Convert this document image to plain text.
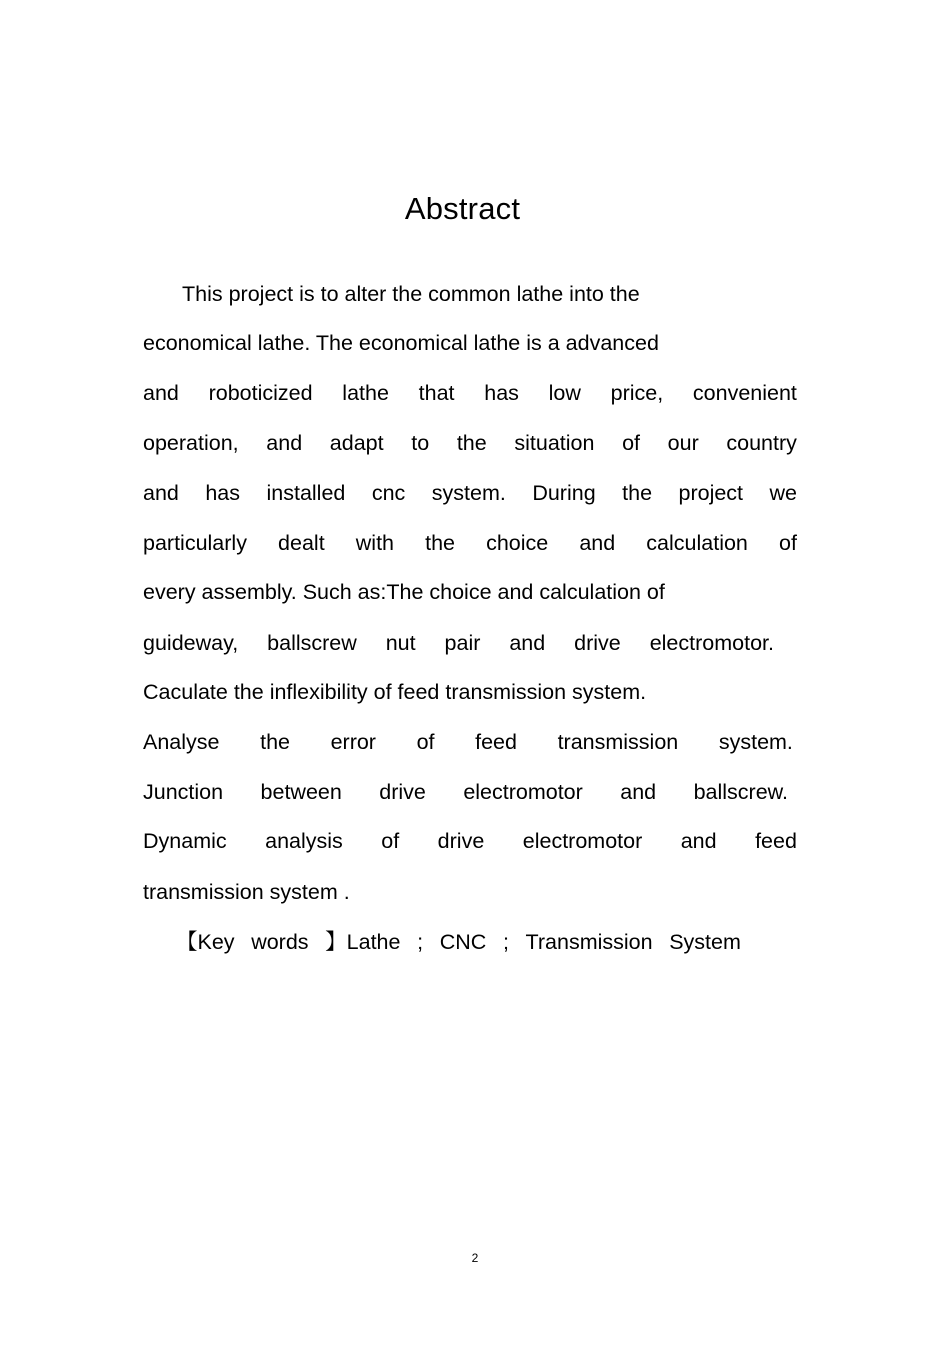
Abstract
This project is to alter the common lathe into the
economical lathe. The economical lathe is a advanced
and roboticized lathe that has low price, convenient
operation, and adapt to the situation of our country
and has installed cnc system. During the project we
particularly dealt with the choice and calculation of
every assembly. Such as:The choice and calculation of
guideway, ballscrew nut pair and drive electromotor.
Caculate the inflexibility of feed transmission system.
Analyse the error of feed transmission system.
Junction between drive electromotor and ballscrew.
Dynamic analysis of drive electromotor and feed
transmission system .
【Key words 】Lathe ; CNC ; Transmission System
2
